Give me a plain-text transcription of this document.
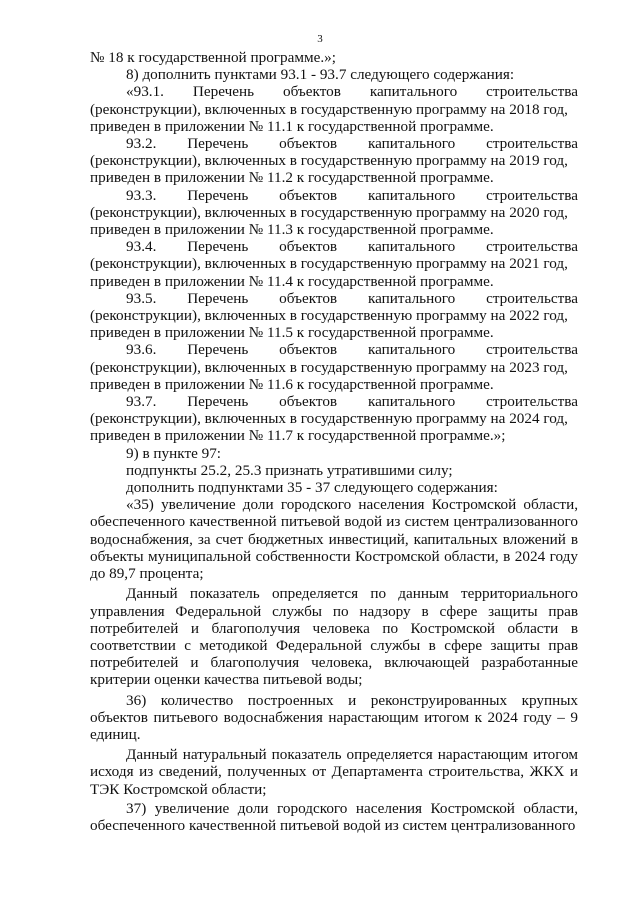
3

№ 18 к государственной программе.»;

8) дополнить пунктами 93.1 - 93.7 следующего содержания:

«93.1. Перечень объектов капитального строительства

(реконструкции), включенных в государственную программу на 2018 год,

приведен в приложении № 11.1 к государственной программе.

93.2. Перечень объектов капитального строительства

(реконструкции), включенных в государственную программу на 2019 год,

приведен в приложении № 11.2 к государственной программе.

93.3. Перечень объектов капитального строительства

(реконструкции), включенных в государственную программу на 2020 год,

приведен в приложении № 11.3 к государственной программе.

93.4. Перечень объектов капитального строительства

(реконструкции), включенных в государственную программу на 2021 год,

приведен в приложении № 11.4 к государственной программе.

93.5. Перечень объектов капитального строительства

(реконструкции), включенных в государственную программу на 2022 год,

приведен в приложении № 11.5 к государственной программе.

93.6. Перечень объектов капитального строительства

(реконструкции), включенных в государственную программу на 2023 год,

приведен в приложении № 11.6 к государственной программе.

93.7. Перечень объектов капитального строительства

(реконструкции), включенных в государственную программу на 2024 год,

приведен в приложении № 11.7 к государственной программе.»;

9) в пункте 97:

подпункты 25.2, 25.3 признать утратившими силу;

дополнить подпунктами 35 - 37 следующего содержания:

«35) увеличение доли городского населения Костромской области, обеспеченного качественной питьевой водой из систем централизованного водоснабжения, за счет бюджетных инвестиций, капитальных вложений в объекты муниципальной собственности Костромской области, в 2024 году до 89,7 процента;

Данный показатель определяется по данным территориального управления Федеральной службы по надзору в сфере защиты прав потребителей и благополучия человека по Костромской области в соответствии с методикой Федеральной службы в сфере защиты прав потребителей и благополучия человека, включающей разработанные критерии оценки качества питьевой воды;

36) количество построенных и реконструированных крупных объектов питьевого водоснабжения нарастающим итогом к 2024 году – 9 единиц.

Данный натуральный показатель определяется нарастающим итогом исходя из сведений, полученных от Департамента строительства, ЖКХ и ТЭК Костромской области;

37) увеличение доли городского населения Костромской области, обеспеченного качественной питьевой водой из систем централизованного
